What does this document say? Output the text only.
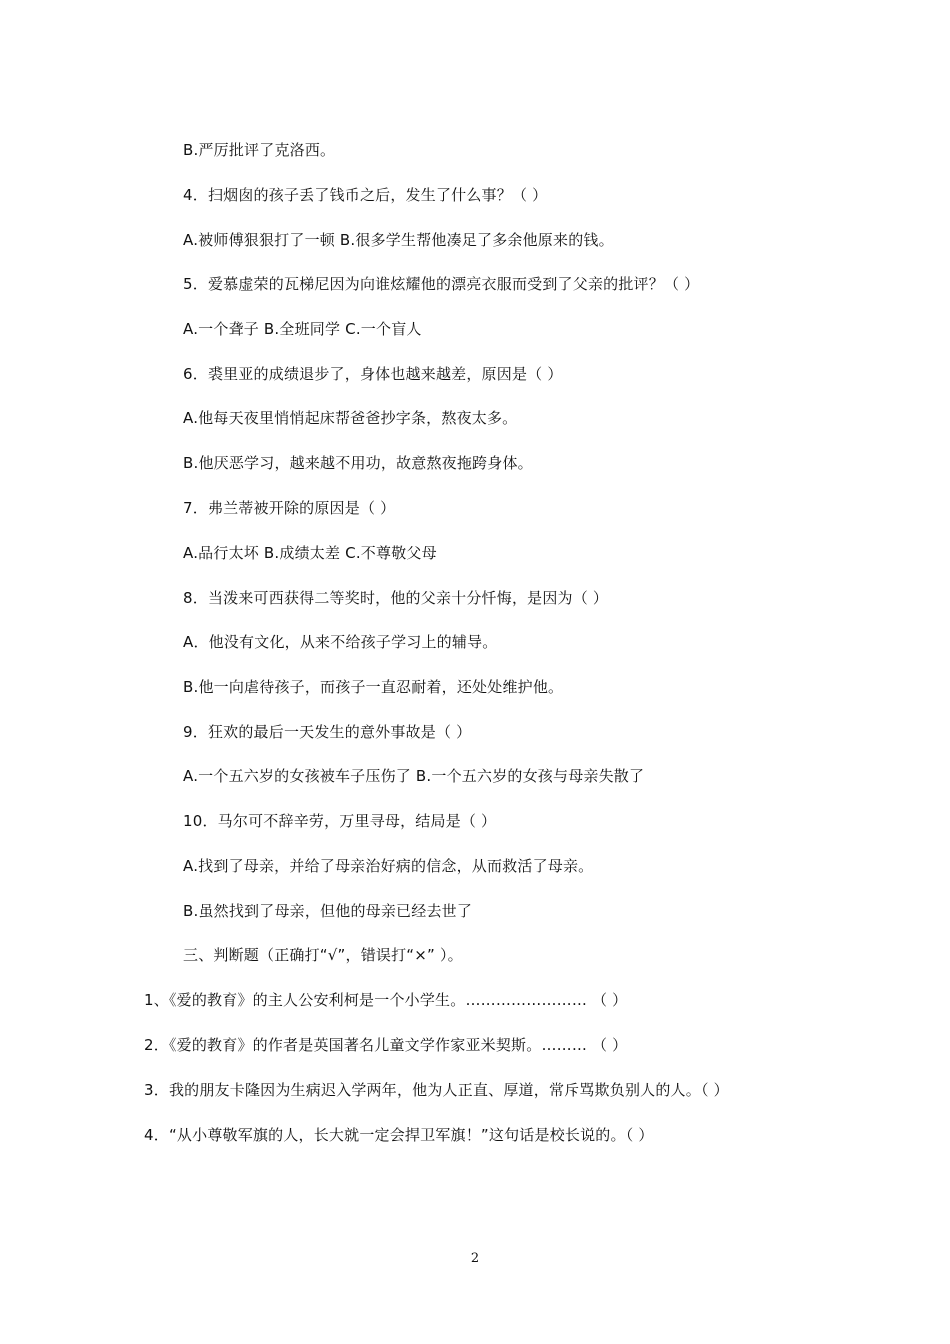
B.严厉批评了克洛西。
4．扫烟囱的孩子丢了钱币之后，发生了什么事？（ ）
A.被师傅狠狠打了一顿 B.很多学生帮他凑足了多余他原来的钱。
5．爱慕虚荣的瓦梯尼因为向谁炫耀他的漂亮衣服而受到了父亲的批评？（ ）
A.一个聋子 B.全班同学 C.一个盲人
6．裘里亚的成绩退步了，身体也越来越差，原因是（ ）
A.他每天夜里悄悄起床帮爸爸抄字条，熬夜太多。
B.他厌恶学习，越来越不用功，故意熬夜拖跨身体。
7．弗兰蒂被开除的原因是（ ）
A.品行太坏 B.成绩太差 C.不尊敬父母
8．当泼来可西获得二等奖时，他的父亲十分忏悔，是因为（ ）
A．他没有文化，从来不给孩子学习上的辅导。
B.他一向虐待孩子，而孩子一直忍耐着，还处处维护他。
9．狂欢的最后一天发生的意外事故是（ ）
A.一个五六岁的女孩被车子压伤了 B.一个五六岁的女孩与母亲失散了
10．马尔可不辞辛劳，万里寻母，结局是（ ）
A.找到了母亲，并给了母亲治好病的信念，从而救活了母亲。
B.虽然找到了母亲，但他的母亲已经去世了
三、判断题（正确打“√”，错误打“×” ）。
1、《爱的教育》的主人公安利柯是一个小学生。…………………… （ ）
2．《爱的教育》的作者是英国著名儿童文学作家亚米契斯。……… （ ）
3．我的朋友卡隆因为生病迟入学两年，他为人正直、厚道，常斥骂欺负别人的人。（ ）
4．“从小尊敬军旗的人，长大就一定会捍卫军旗！”这句话是校长说的。（ ）
2
